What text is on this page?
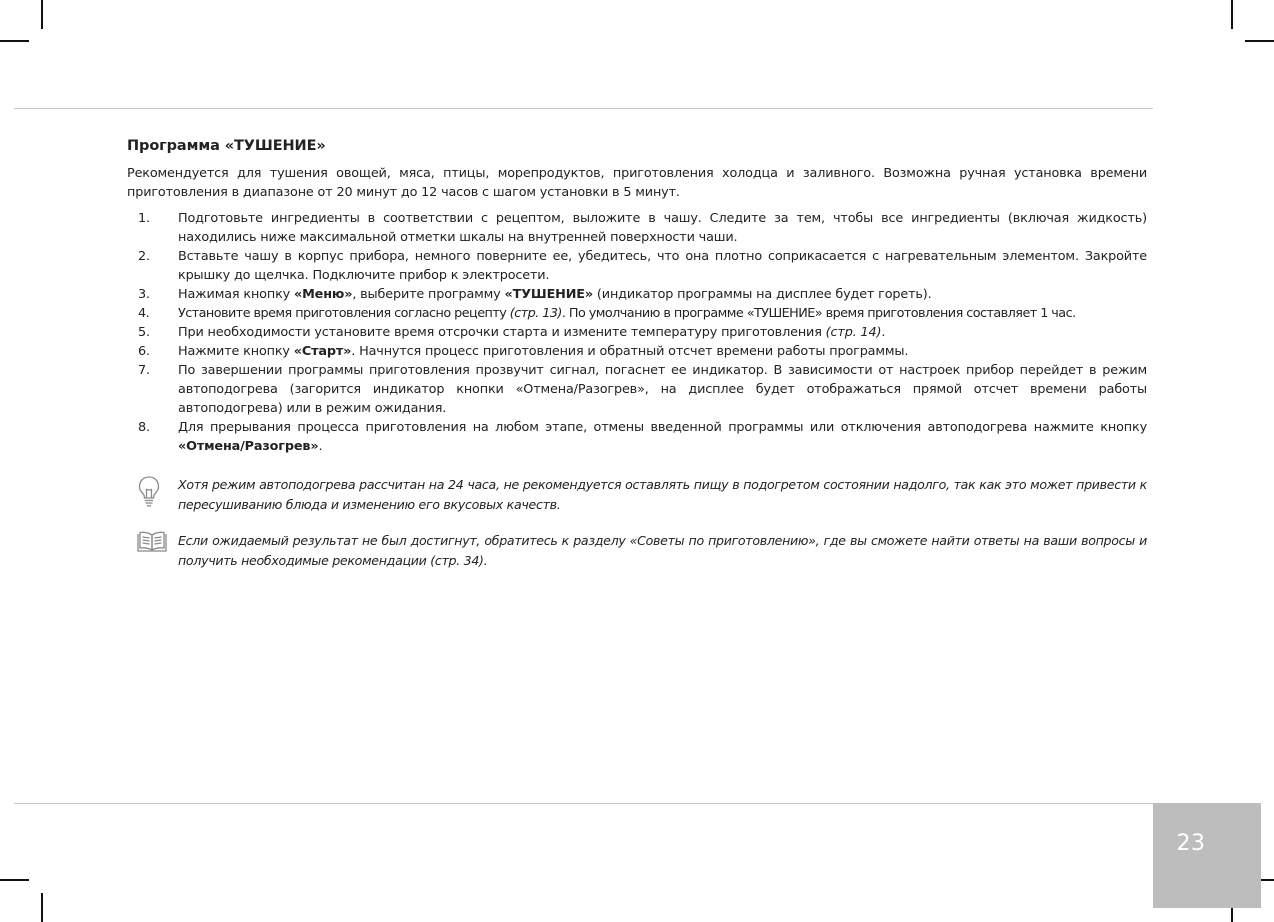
Программа «ТУШЕНИЕ»

Рекомендуется для тушения овощей, мяса, птицы, морепродуктов, приготовления холодца и заливного. Возможна ручная установка времени приготовления в диапазоне от 20 минут до 12 часов с шагом установки в 5 минут.

1. Подготовьте ингредиенты в соответствии с рецептом, выложите в чашу. Следите за тем, чтобы все ингредиенты (включая жидкость) находились ниже максимальной отметки шкалы на внутренней поверхности чаши.
2. Вставьте чашу в корпус прибора, немного поверните ее, убедитесь, что она плотно соприкасается с нагревательным элементом. Закройте крышку до щелчка. Подключите прибор к электросети.
3. Нажимая кнопку «Меню», выберите программу «ТУШЕНИЕ» (индикатор программы на дисплее будет гореть).
4. Установите время приготовления согласно рецепту (стр. 13). По умолчанию в программе «ТУШЕНИЕ» время приготовления составляет 1 час.
5. При необходимости установите время отсрочки старта и измените температуру приготовления (стр. 14).
6. Нажмите кнопку «Старт». Начнутся процесс приготовления и обратный отсчет времени работы программы.
7. По завершении программы приготовления прозвучит сигнал, погаснет ее индикатор. В зависимости от настроек прибор перейдет в режим автоподогрева (загорится индикатор кнопки «Отмена/Разогрев», на дисплее будет отображаться прямой отсчет времени работы автоподогрева) или в режим ожидания.
8. Для прерывания процесса приготовления на любом этапе, отмены введенной программы или отключения автоподогрева нажмите кнопку «Отмена/Разогрев».
Хотя режим автоподогрева рассчитан на 24 часа, не рекомендуется оставлять пищу в подогретом состоянии надолго, так как это может привести к пересушиванию блюда и изменению его вкусовых качеств.
Если ожидаемый результат не был достигнут, обратитесь к разделу «Советы по приготовлению», где вы сможете найти ответы на ваши вопросы и получить необходимые рекомендации (стр. 34).
23
